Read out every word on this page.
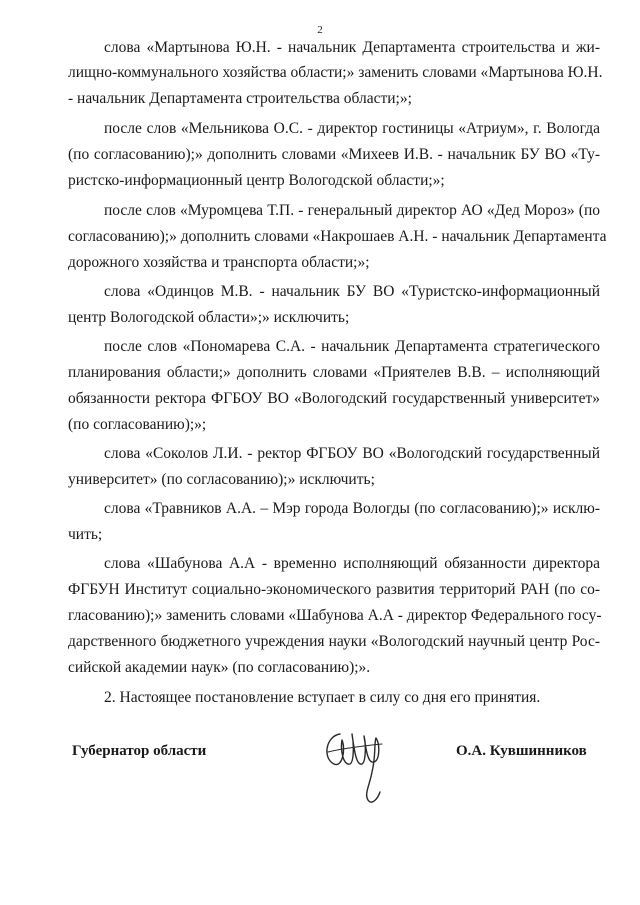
2
слова «Мартынова Ю.Н. - начальник Департамента строительства и жи-
лищно-коммунального хозяйства области;» заменить словами «Мартынова Ю.Н.
- начальник Департамента строительства области;»;
после слов «Мельникова О.С. - директор гостиницы «Атриум», г. Вологда
(по согласованию);» дополнить словами «Михеев И.В. - начальник БУ ВО «Ту-
ристско-информационный центр Вологодской области;»;
после слов «Муромцева Т.П. - генеральный директор АО «Дед Мороз» (по
согласованию);» дополнить словами «Накрошаев А.Н. - начальник Департамента
дорожного хозяйства и транспорта области;»;
слова «Одинцов М.В. - начальник БУ ВО «Туристско-информационный
центр Вологодской области»;» исключить;
после слов «Пономарева С.А. - начальник Департамента стратегического
планирования области;» дополнить словами «Приятелев В.В. – исполняющий
обязанности ректора ФГБОУ ВО «Вологодский государственный университет»
(по согласованию);»;
слова «Соколов Л.И. - ректор ФГБОУ ВО «Вологодский государственный
университет» (по согласованию);» исключить;
слова «Травников А.А. – Мэр города Вологды (по согласованию);» исклю-
чить;
слова «Шабунова А.А - временно исполняющий обязанности директора
ФГБУН Институт социально-экономического развития территорий РАН (по со-
гласованию);» заменить словами «Шабунова А.А - директор Федерального госу-
дарственного бюджетного учреждения науки «Вологодский научный центр Рос-
сийской академии наук» (по согласованию);».
2. Настоящее постановление вступает в силу со дня его принятия.
Губернатор области	О.А. Кувшинников
